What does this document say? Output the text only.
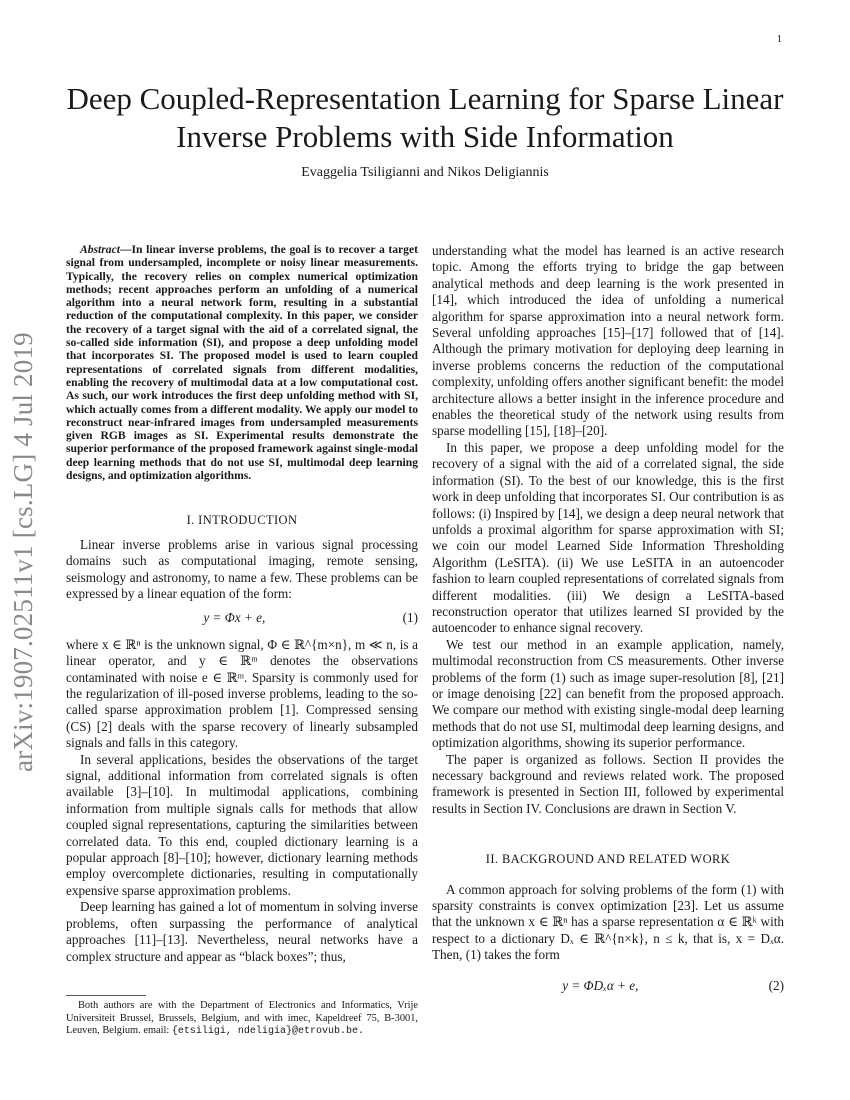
1
arXiv:1907.02511v1 [cs.LG] 4 Jul 2019
Deep Coupled-Representation Learning for Sparse Linear Inverse Problems with Side Information
Evaggelia Tsiligianni and Nikos Deligiannis

Abstract—In linear inverse problems, the goal is to recover a target signal from undersampled, incomplete or noisy linear measurements. Typically, the recovery relies on complex numerical optimization methods; recent approaches perform an unfolding of a numerical algorithm into a neural network form, resulting in a substantial reduction of the computational complexity. In this paper, we consider the recovery of a target signal with the aid of a correlated signal, the so-called side information (SI), and propose a deep unfolding model that incorporates SI. The proposed model is used to learn coupled representations of correlated signals from different modalities, enabling the recovery of multimodal data at a low computational cost. As such, our work introduces the first deep unfolding method with SI, which actually comes from a different modality. We apply our model to reconstruct near-infrared images from undersampled measurements given RGB images as SI. Experimental results demonstrate the superior performance of the proposed framework against single-modal deep learning methods that do not use SI, multimodal deep learning designs, and optimization algorithms.

I. INTRODUCTION

Linear inverse problems arise in various signal processing domains such as computational imaging, remote sensing, seismology and astronomy, to name a few. These problems can be expressed by a linear equation of the form:

y = Φx + e,	(1)

where x ∈ ℝⁿ is the unknown signal, Φ ∈ ℝ^{m×n}, m ≪ n, is a linear operator, and y ∈ ℝᵐ denotes the observations contaminated with noise e ∈ ℝᵐ. Sparsity is commonly used for the regularization of ill-posed inverse problems, leading to the so-called sparse approximation problem [1]. Compressed sensing (CS) [2] deals with the sparse recovery of linearly subsampled signals and falls in this category.

In several applications, besides the observations of the target signal, additional information from correlated signals is often available [3]–[10]. In multimodal applications, combining information from multiple signals calls for methods that allow coupled signal representations, capturing the similarities between correlated data. To this end, coupled dictionary learning is a popular approach [8]–[10]; however, dictionary learning methods employ overcomplete dictionaries, resulting in computationally expensive sparse approximation problems.

Deep learning has gained a lot of momentum in solving inverse problems, often surpassing the performance of analytical approaches [11]–[13]. Nevertheless, neural networks have a complex structure and appear as “black boxes”; thus,

Both authors are with the Department of Electronics and Informatics, Vrije Universiteit Brussel, Brussels, Belgium, and with imec, Kapeldreef 75, B-3001, Leuven, Belgium. email: {etsiligi, ndeligia}@etrovub.be.

understanding what the model has learned is an active research topic. Among the efforts trying to bridge the gap between analytical methods and deep learning is the work presented in [14], which introduced the idea of unfolding a numerical algorithm for sparse approximation into a neural network form. Several unfolding approaches [15]–[17] followed that of [14]. Although the primary motivation for deploying deep learning in inverse problems concerns the reduction of the computational complexity, unfolding offers another significant benefit: the model architecture allows a better insight in the inference procedure and enables the theoretical study of the network using results from sparse modelling [15], [18]–[20].

In this paper, we propose a deep unfolding model for the recovery of a signal with the aid of a correlated signal, the side information (SI). To the best of our knowledge, this is the first work in deep unfolding that incorporates SI. Our contribution is as follows: (i) Inspired by [14], we design a deep neural network that unfolds a proximal algorithm for sparse approximation with SI; we coin our model Learned Side Information Thresholding Algorithm (LeSITA). (ii) We use LeSITA in an autoencoder fashion to learn coupled representations of correlated signals from different modalities. (iii) We design a LeSITA-based reconstruction operator that utilizes learned SI provided by the autoencoder to enhance signal recovery.

We test our method in an example application, namely, multimodal reconstruction from CS measurements. Other inverse problems of the form (1) such as image super-resolution [8], [21] or image denoising [22] can benefit from the proposed approach. We compare our method with existing single-modal deep learning methods that do not use SI, multimodal deep learning designs, and optimization algorithms, showing its superior performance.

The paper is organized as follows. Section II provides the necessary background and reviews related work. The proposed framework is presented in Section III, followed by experimental results in Section IV. Conclusions are drawn in Section V.

II. BACKGROUND AND RELATED WORK

A common approach for solving problems of the form (1) with sparsity constraints is convex optimization [23]. Let us assume that the unknown x ∈ ℝⁿ has a sparse representation α ∈ ℝᵏ with respect to a dictionary Dₓ ∈ ℝ^{n×k}, n ≤ k, that is, x = Dₓα. Then, (1) takes the form

y = ΦDₓα + e,	(2)
